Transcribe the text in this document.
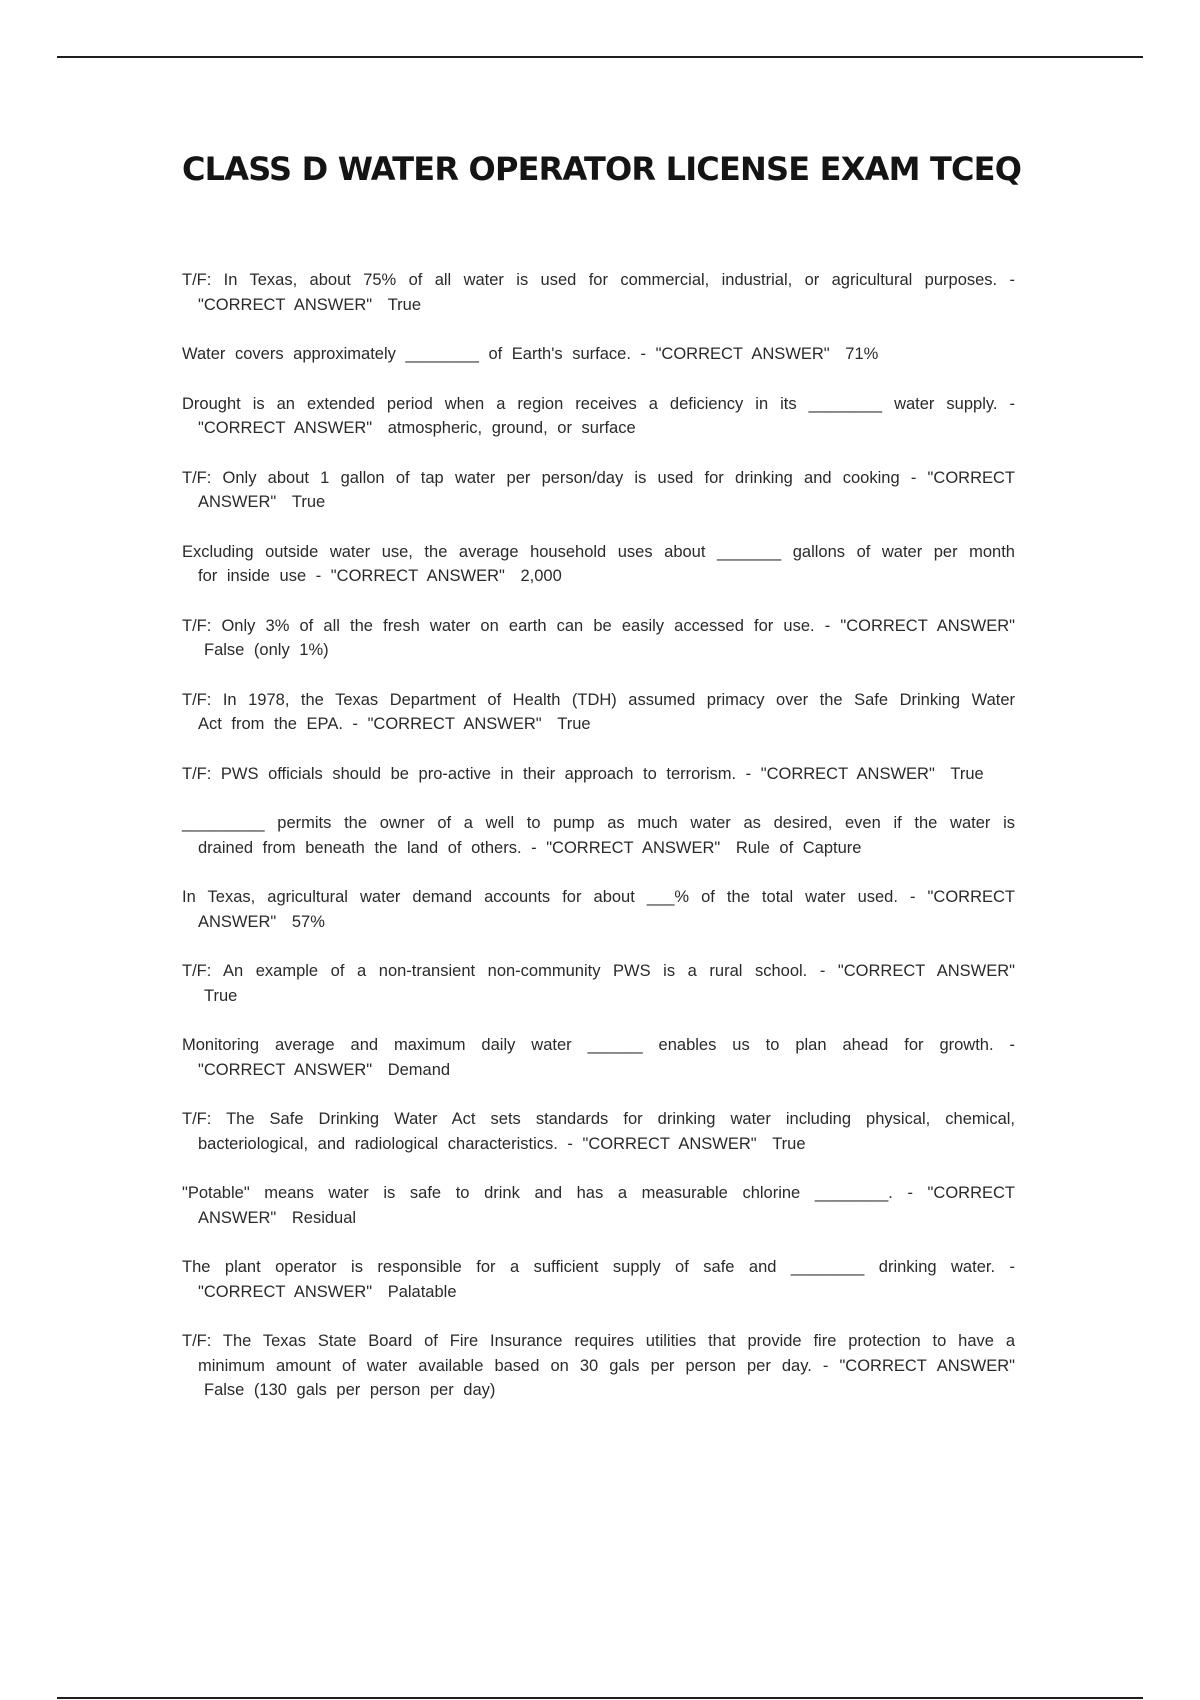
CLASS D WATER OPERATOR LICENSE EXAM TCEQ
T/F: In Texas, about 75% of all water is used for commercial, industrial, or agricultural purposes. - "CORRECT ANSWER" True
Water covers approximately ________ of Earth's surface. - "CORRECT ANSWER" 71%
Drought is an extended period when a region receives a deficiency in its ________ water supply. - "CORRECT ANSWER" atmospheric, ground, or surface
T/F: Only about 1 gallon of tap water per person/day is used for drinking and cooking - "CORRECT ANSWER" True
Excluding outside water use, the average household uses about _______ gallons of water per month for inside use - "CORRECT ANSWER" 2,000
T/F: Only 3% of all the fresh water on earth can be easily accessed for use. - "CORRECT ANSWER" False (only 1%)
T/F: In 1978, the Texas Department of Health (TDH) assumed primacy over the Safe Drinking Water Act from the EPA. - "CORRECT ANSWER" True
T/F: PWS officials should be pro-active in their approach to terrorism. - "CORRECT ANSWER" True
_________ permits the owner of a well to pump as much water as desired, even if the water is drained from beneath the land of others. - "CORRECT ANSWER" Rule of Capture
In Texas, agricultural water demand accounts for about ___% of the total water used. - "CORRECT ANSWER" 57%
T/F: An example of a non-transient non-community PWS is a rural school. - "CORRECT ANSWER" True
Monitoring average and maximum daily water ______ enables us to plan ahead for growth. - "CORRECT ANSWER" Demand
T/F: The Safe Drinking Water Act sets standards for drinking water including physical, chemical, bacteriological, and radiological characteristics. - "CORRECT ANSWER" True
"Potable" means water is safe to drink and has a measurable chlorine ________. - "CORRECT ANSWER" Residual
The plant operator is responsible for a sufficient supply of safe and ________ drinking water. - "CORRECT ANSWER" Palatable
T/F: The Texas State Board of Fire Insurance requires utilities that provide fire protection to have a minimum amount of water available based on 30 gals per person per day. - "CORRECT ANSWER" False (130 gals per person per day)
